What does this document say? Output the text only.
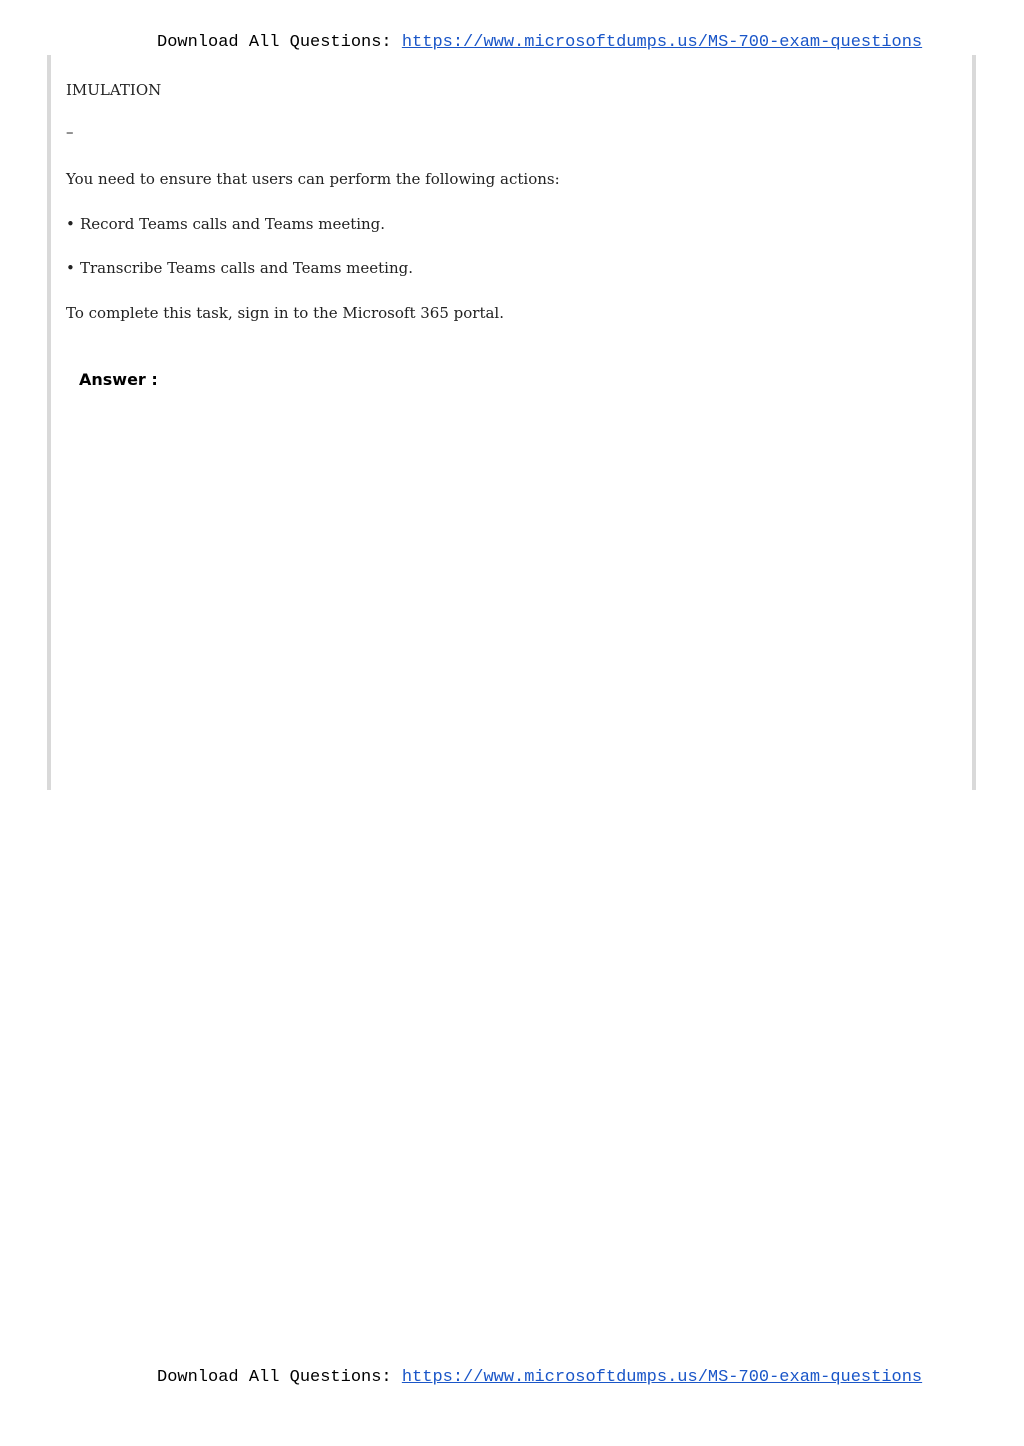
Download All Questions: https://www.microsoftdumps.us/MS-700-exam-questions
IMULATION
–
You need to ensure that users can perform the following actions:
• Record Teams calls and Teams meeting.
• Transcribe Teams calls and Teams meeting.
To complete this task, sign in to the Microsoft 365 portal.
Answer :
Download All Questions: https://www.microsoftdumps.us/MS-700-exam-questions
